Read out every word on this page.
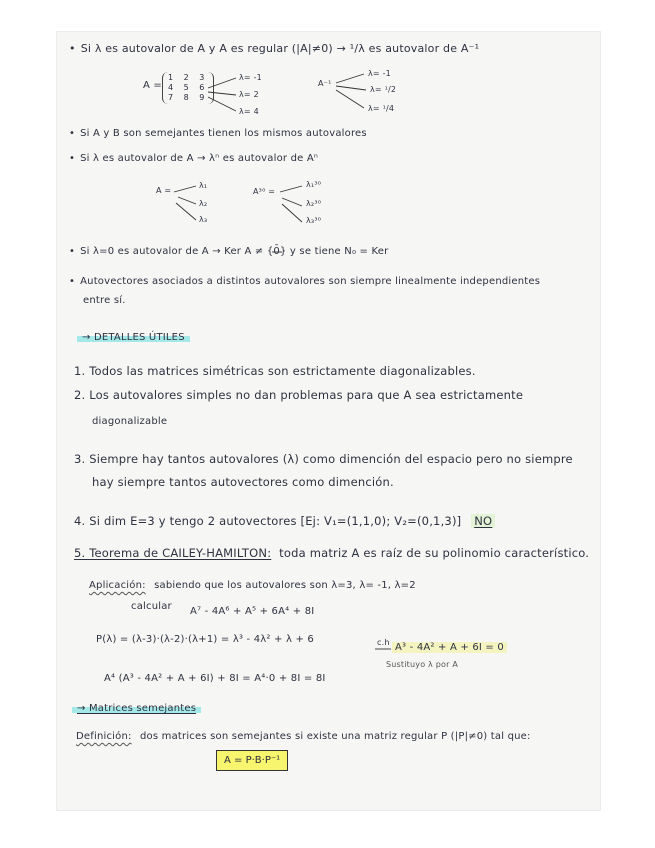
• Si λ es autovalor de A y A es regular (|A|≠0) → ¹/λ es autovalor de A⁻¹
A =
1 2 3
4 5 6
7 8 9
λ= -1
λ= 2
λ= 4
A⁻¹
λ= -1
λ= ¹/2
λ= ¹/4
• Si A y B son semejantes tienen los mismos autovalores
• Si λ es autovalor de A → λⁿ es autovalor de Aⁿ
A =
λ₁
λ₂
λ₃
A³⁰ =
λ₁³⁰
λ₂³⁰
λ₃³⁰
• Si λ=0 es autovalor de A → Ker A ≠ {0̄} y se tiene N₀ = Ker
• Autovectores asociados a distintos autovalores son siempre linealmente independientes
entre sí.
→ DETALLES ÚTILES
1. Todos las matrices simétricas son estrictamente diagonalizables.
2. Los autovalores simples no dan problemas para que A sea estrictamente
diagonalizable
3. Siempre hay tantos autovalores (λ) como dimención del espacio pero no siempre
hay siempre tantos autovectores como dimención.
4. Si dim E=3 y tengo 2 autovectores [Ej: V₁=(1,1,0); V₂=(0,1,3)] NO
5. Teorema de CAILEY-HAMILTON: toda matriz A es raíz de su polinomio característico.
Aplicación: sabiendo que los autovalores son λ=3, λ= -1, λ=2
calcular A⁷ - 4A⁶ + A⁵ + 6A⁴ + 8I
P(λ) = (λ-3)·(λ-2)·(λ+1) = λ³ - 4λ² + λ + 6	c.h A³ - 4A² + A + 6I = 0
Sustituyo λ por A
A⁴ (A³ - 4A² + A + 6I) + 8I = A⁴·0 + 8I = 8I
→ Matrices semejantes
Definición: dos matrices son semejantes si existe una matriz regular P (|P|≠0) tal que:
A = P·B·P⁻¹
